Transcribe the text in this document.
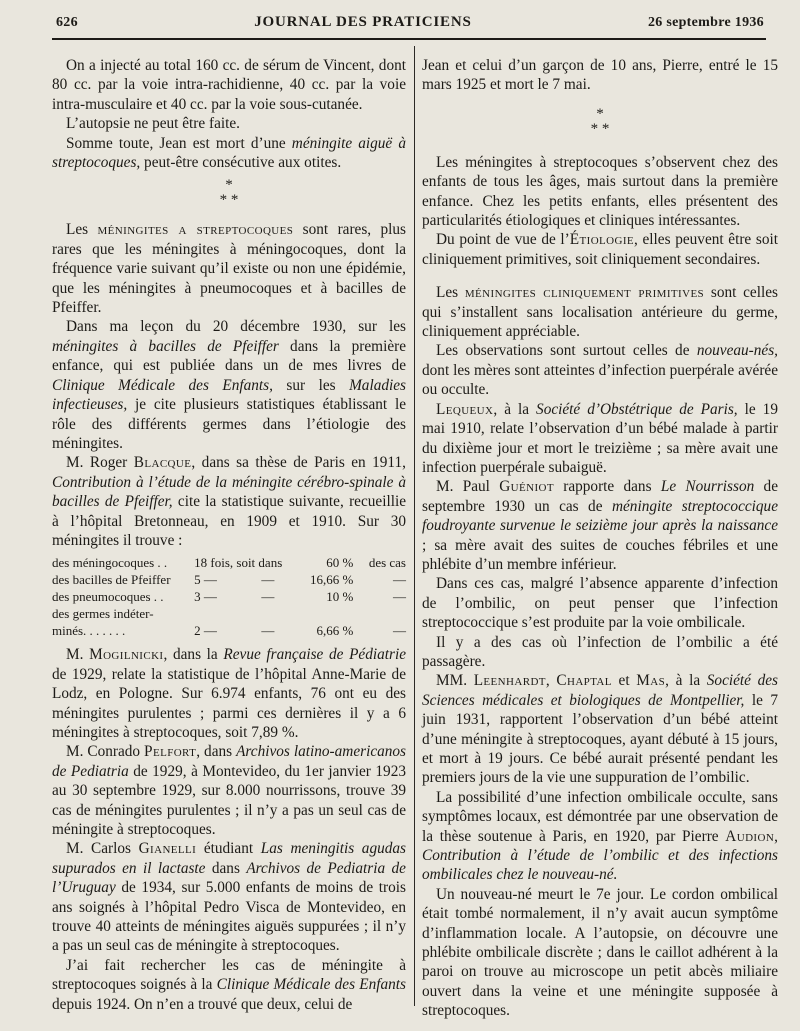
626	JOURNAL DES PRATICIENS	26 septembre 1936

On a injecté au total 160 cc. de sérum de Vincent, dont 80 cc. par la voie intra-rachidienne, 40 cc. par la voie intra-musculaire et 40 cc. par la voie sous-cutanée.

L’autopsie ne peut être faite.

Somme toute, Jean est mort d’une méningite aiguë à streptocoques, peut-être consécutive aux otites.

*
* *

Les méningites a streptocoques sont rares, plus rares que les méningites à méningocoques, dont la fréquence varie suivant qu’il existe ou non une épidémie, que les méningites à pneumocoques et à bacilles de Pfeiffer.

Dans ma leçon du 20 décembre 1930, sur les méningites à bacilles de Pfeiffer dans la première enfance, qui est publiée dans un de mes livres de Clinique Médicale des Enfants, sur les Maladies infectieuses, je cite plusieurs statistiques établissant le rôle des différents germes dans l’étiologie des méningites.

M. Roger Blacque, dans sa thèse de Paris en 1911, Contribution à l’étude de la méningite cérébro-spinale à bacilles de Pfeiffer, cite la statistique suivante, recueillie à l’hôpital Bretonneau, en 1909 et 1910. Sur 30 méningites il trouve :

des méningocoques . .	18 fois, soit dans		60 %	des cas
des bacilles de Pfeiffer	5 —	—	16,66 %	—
des pneumocoques . .	3 —	—	10 %	—
des germes indéter-				
minés. . . . . . .	2 —	—	6,66 %	—

M. Mogilnicki, dans la Revue française de Pédiatrie de 1929, relate la statistique de l’hôpital Anne-Marie de Lodz, en Pologne. Sur 6.974 enfants, 76 ont eu des méningites purulentes ; parmi ces dernières il y a 6 méningites à streptocoques, soit 7,89 %.

M. Conrado Pelfort, dans Archivos latino-americanos de Pediatria de 1929, à Montevideo, du 1er janvier 1923 au 30 septembre 1929, sur 8.000 nourrissons, trouve 39 cas de méningites purulentes ; il n’y a pas un seul cas de méningite à streptocoques.

M. Carlos Gianelli étudiant Las meningitis agudas supurados en il lactaste dans Archivos de Pediatria de l’Uruguay de 1934, sur 5.000 enfants de moins de trois ans soignés à l’hôpital Pedro Visca de Montevideo, en trouve 40 atteints de méningites aiguës suppurées ; il n’y a pas un seul cas de méningite à streptocoques.

J’ai fait rechercher les cas de méningite à streptocoques soignés à la Clinique Médicale des Enfants depuis 1924. On n’en a trouvé que deux, celui de

Jean et celui d’un garçon de 10 ans, Pierre, entré le 15 mars 1925 et mort le 7 mai.

*
* *

Les méningites à streptocoques s’observent chez des enfants de tous les âges, mais surtout dans la première enfance. Chez les petits enfants, elles présentent des particularités étiologiques et cliniques intéressantes.

Du point de vue de l’Étiologie, elles peuvent être soit cliniquement primitives, soit cliniquement secondaires.

Les méningites cliniquement primitives sont celles qui s’installent sans localisation antérieure du germe, cliniquement appréciable.

Les observations sont surtout celles de nouveau-nés, dont les mères sont atteintes d’infection puerpérale avérée ou occulte.

Lequeux, à la Société d’Obstétrique de Paris, le 19 mai 1910, relate l’observation d’un bébé malade à partir du dixième jour et mort le treizième ; sa mère avait une infection puerpérale subaiguë.

M. Paul Guéniot rapporte dans Le Nourrisson de septembre 1930 un cas de méningite streptococcique foudroyante survenue le seizième jour après la naissance ; sa mère avait des suites de couches fébriles et une phlébite d’un membre inférieur.

Dans ces cas, malgré l’absence apparente d’infection de l’ombilic, on peut penser que l’infection streptococcique s’est produite par la voie ombilicale.

Il y a des cas où l’infection de l’ombilic a été passagère.

MM. Leenhardt, Chaptal et Mas, à la Société des Sciences médicales et biologiques de Montpellier, le 7 juin 1931, rapportent l’observation d’un bébé atteint d’une méningite à streptocoques, ayant débuté à 15 jours, et mort à 19 jours. Ce bébé aurait présenté pendant les premiers jours de la vie une suppuration de l’ombilic.

La possibilité d’une infection ombilicale occulte, sans symptômes locaux, est démontrée par une observation de la thèse soutenue à Paris, en 1920, par Pierre Audion, Contribution à l’étude de l’ombilic et des infections ombilicales chez le nouveau-né.

Un nouveau-né meurt le 7e jour. Le cordon ombilical était tombé normalement, il n’y avait aucun symptôme d’inflammation locale. A l’autopsie, on découvre une phlébite ombilicale discrète ; dans le caillot adhérent à la paroi on trouve au microscope un petit abcès miliaire ouvert dans la veine et une méningite supposée à streptocoques.
